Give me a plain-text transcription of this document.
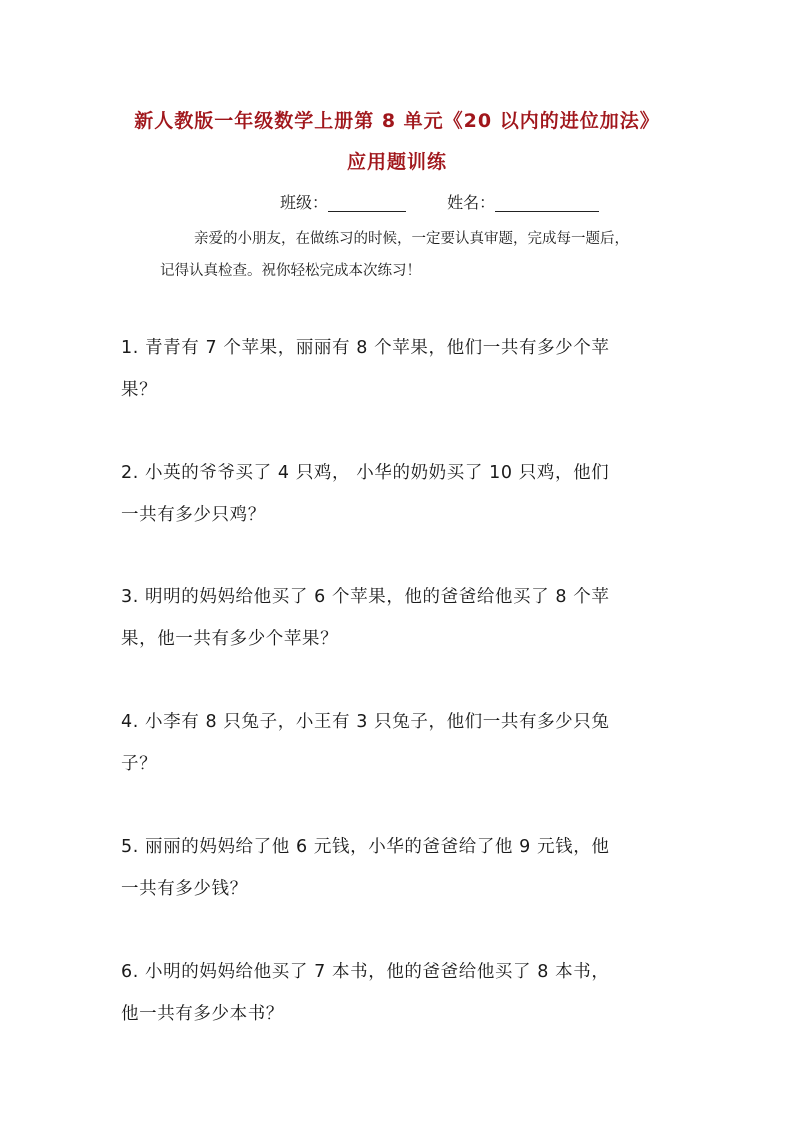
新人教版一年级数学上册第 8 单元《20 以内的进位加法》
应用题训练
班级：	姓名：
亲爱的小朋友，在做练习的时候，一定要认真审题，完成每一题后，
记得认真检查。祝你轻松完成本次练习！
1. 青青有 7 个苹果，丽丽有 8 个苹果，他们一共有多少个苹
果？
2. 小英的爷爷买了 4 只鸡， 小华的奶奶买了 10 只鸡，他们
一共有多少只鸡？
3. 明明的妈妈给他买了 6 个苹果，他的爸爸给他买了 8 个苹
果，他一共有多少个苹果？
4. 小李有 8 只兔子，小王有 3 只兔子，他们一共有多少只兔
子？
5. 丽丽的妈妈给了他 6 元钱，小华的爸爸给了他 9 元钱，他
一共有多少钱？
6. 小明的妈妈给他买了 7 本书，他的爸爸给他买了 8 本书，
他一共有多少本书？
